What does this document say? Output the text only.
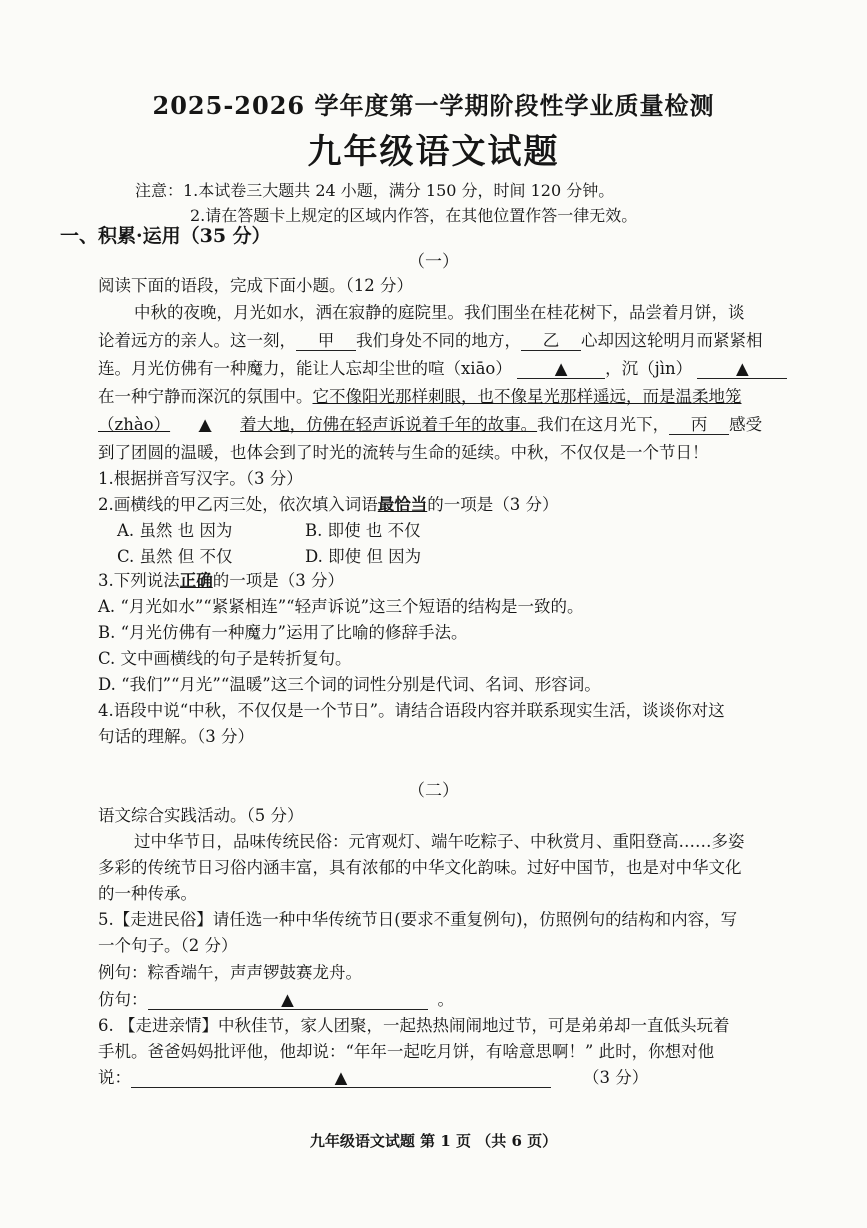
2025-2026 学年度第一学期阶段性学业质量检测
九年级语文试题
注意：1.本试卷三大题共 24 小题，满分 150 分，时间 120 分钟。
2.请在答题卡上规定的区域内作答，在其他位置作答一律无效。
一、积累·运用（35 分）
（一）
阅读下面的语段，完成下面小题。（12 分）
中秋的夜晚，月光如水，洒在寂静的庭院里。我们围坐在桂花树下，品尝着月饼，谈
论着远方的亲人。这一刻， 甲 我们身处不同的地方， 乙 心却因这轮明月而紧紧相
连。月光仿佛有一种魔力，能让人忘却尘世的喧（xiāo）	▲ ，沉（jìn）	▲
在一种宁静而深沉的氛围中。它不像阳光那样刺眼，也不像星光那样遥远，而是温柔地笼
（zhào） ▲ 着大地，仿佛在轻声诉说着千年的故事。我们在这月光下， 丙 感受
到了团圆的温暖，也体会到了时光的流转与生命的延续。中秋，不仅仅是一个节日！
1.根据拼音写汉字。（3 分）
2.画横线的甲乙丙三处，依次填入词语最恰当的一项是（3 分）
A. 虽然 也 因为	B. 即使 也 不仅
C. 虽然 但 不仅	D. 即使 但 因为
3.下列说法正确的一项是（3 分）
A. “月光如水”“紧紧相连”“轻声诉说”这三个短语的结构是一致的。
B. “月光仿佛有一种魔力”运用了比喻的修辞手法。
C. 文中画横线的句子是转折复句。
D. “我们”“月光”“温暖”这三个词的词性分别是代词、名词、形容词。
4.语段中说“中秋，不仅仅是一个节日”。请结合语段内容并联系现实生活，谈谈你对这
句话的理解。（3 分）
（二）
语文综合实践活动。（5 分）
过中华节日，品味传统民俗：元宵观灯、端午吃粽子、中秋赏月、重阳登高……多姿
多彩的传统节日习俗内涵丰富，具有浓郁的中华文化韵味。过好中国节，也是对中华文化
的一种传承。
5.【走进民俗】请任选一种中华传统节日(要求不重复例句)，仿照例句的结构和内容，写
一个句子。（2 分）
例句：粽香端午，声声锣鼓赛龙舟。
仿句：	▲	。
6. 【走进亲情】中秋佳节，家人团聚，一起热热闹闹地过节，可是弟弟却一直低头玩着
手机。爸爸妈妈批评他，他却说：“年年一起吃月饼，有啥意思啊！” 此时，你想对他
说：	▲	（3 分）
九年级语文试题 第 1 页 （共 6 页）
